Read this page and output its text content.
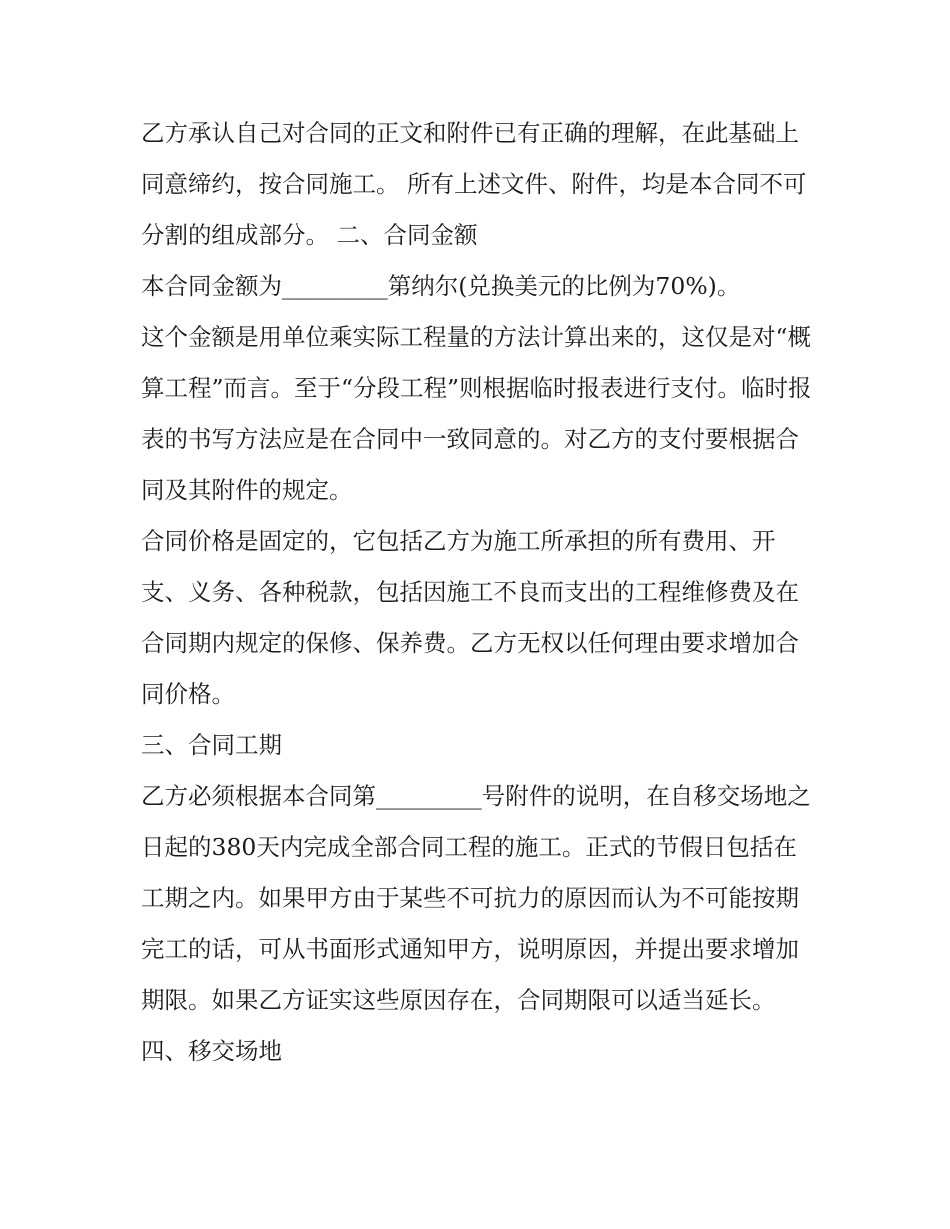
乙方承认自己对合同的正文和附件已有正确的理解，在此基础上同意缔约，按合同施工。 所有上述文件、附件，均是本合同不可分割的组成部分。 二、合同金额

本合同金额为_________第纳尔(兑换美元的比例为70%)。

这个金额是用单位乘实际工程量的方法计算出来的，这仅是对“概算工程”而言。至于“分段工程”则根据临时报表进行支付。临时报表的书写方法应是在合同中一致同意的。对乙方的支付要根据合同及其附件的规定。

合同价格是固定的，它包括乙方为施工所承担的所有费用、开支、义务、各种税款，包括因施工不良而支出的工程维修费及在合同期内规定的保修、保养费。乙方无权以任何理由要求增加合同价格。

三、合同工期

乙方必须根据本合同第_________号附件的说明，在自移交场地之日起的380天内完成全部合同工程的施工。正式的节假日包括在工期之内。如果甲方由于某些不可抗力的原因而认为不可能按期完工的话，可从书面形式通知甲方，说明原因，并提出要求增加期限。如果乙方证实这些原因存在，合同期限可以适当延长。

四、移交场地
